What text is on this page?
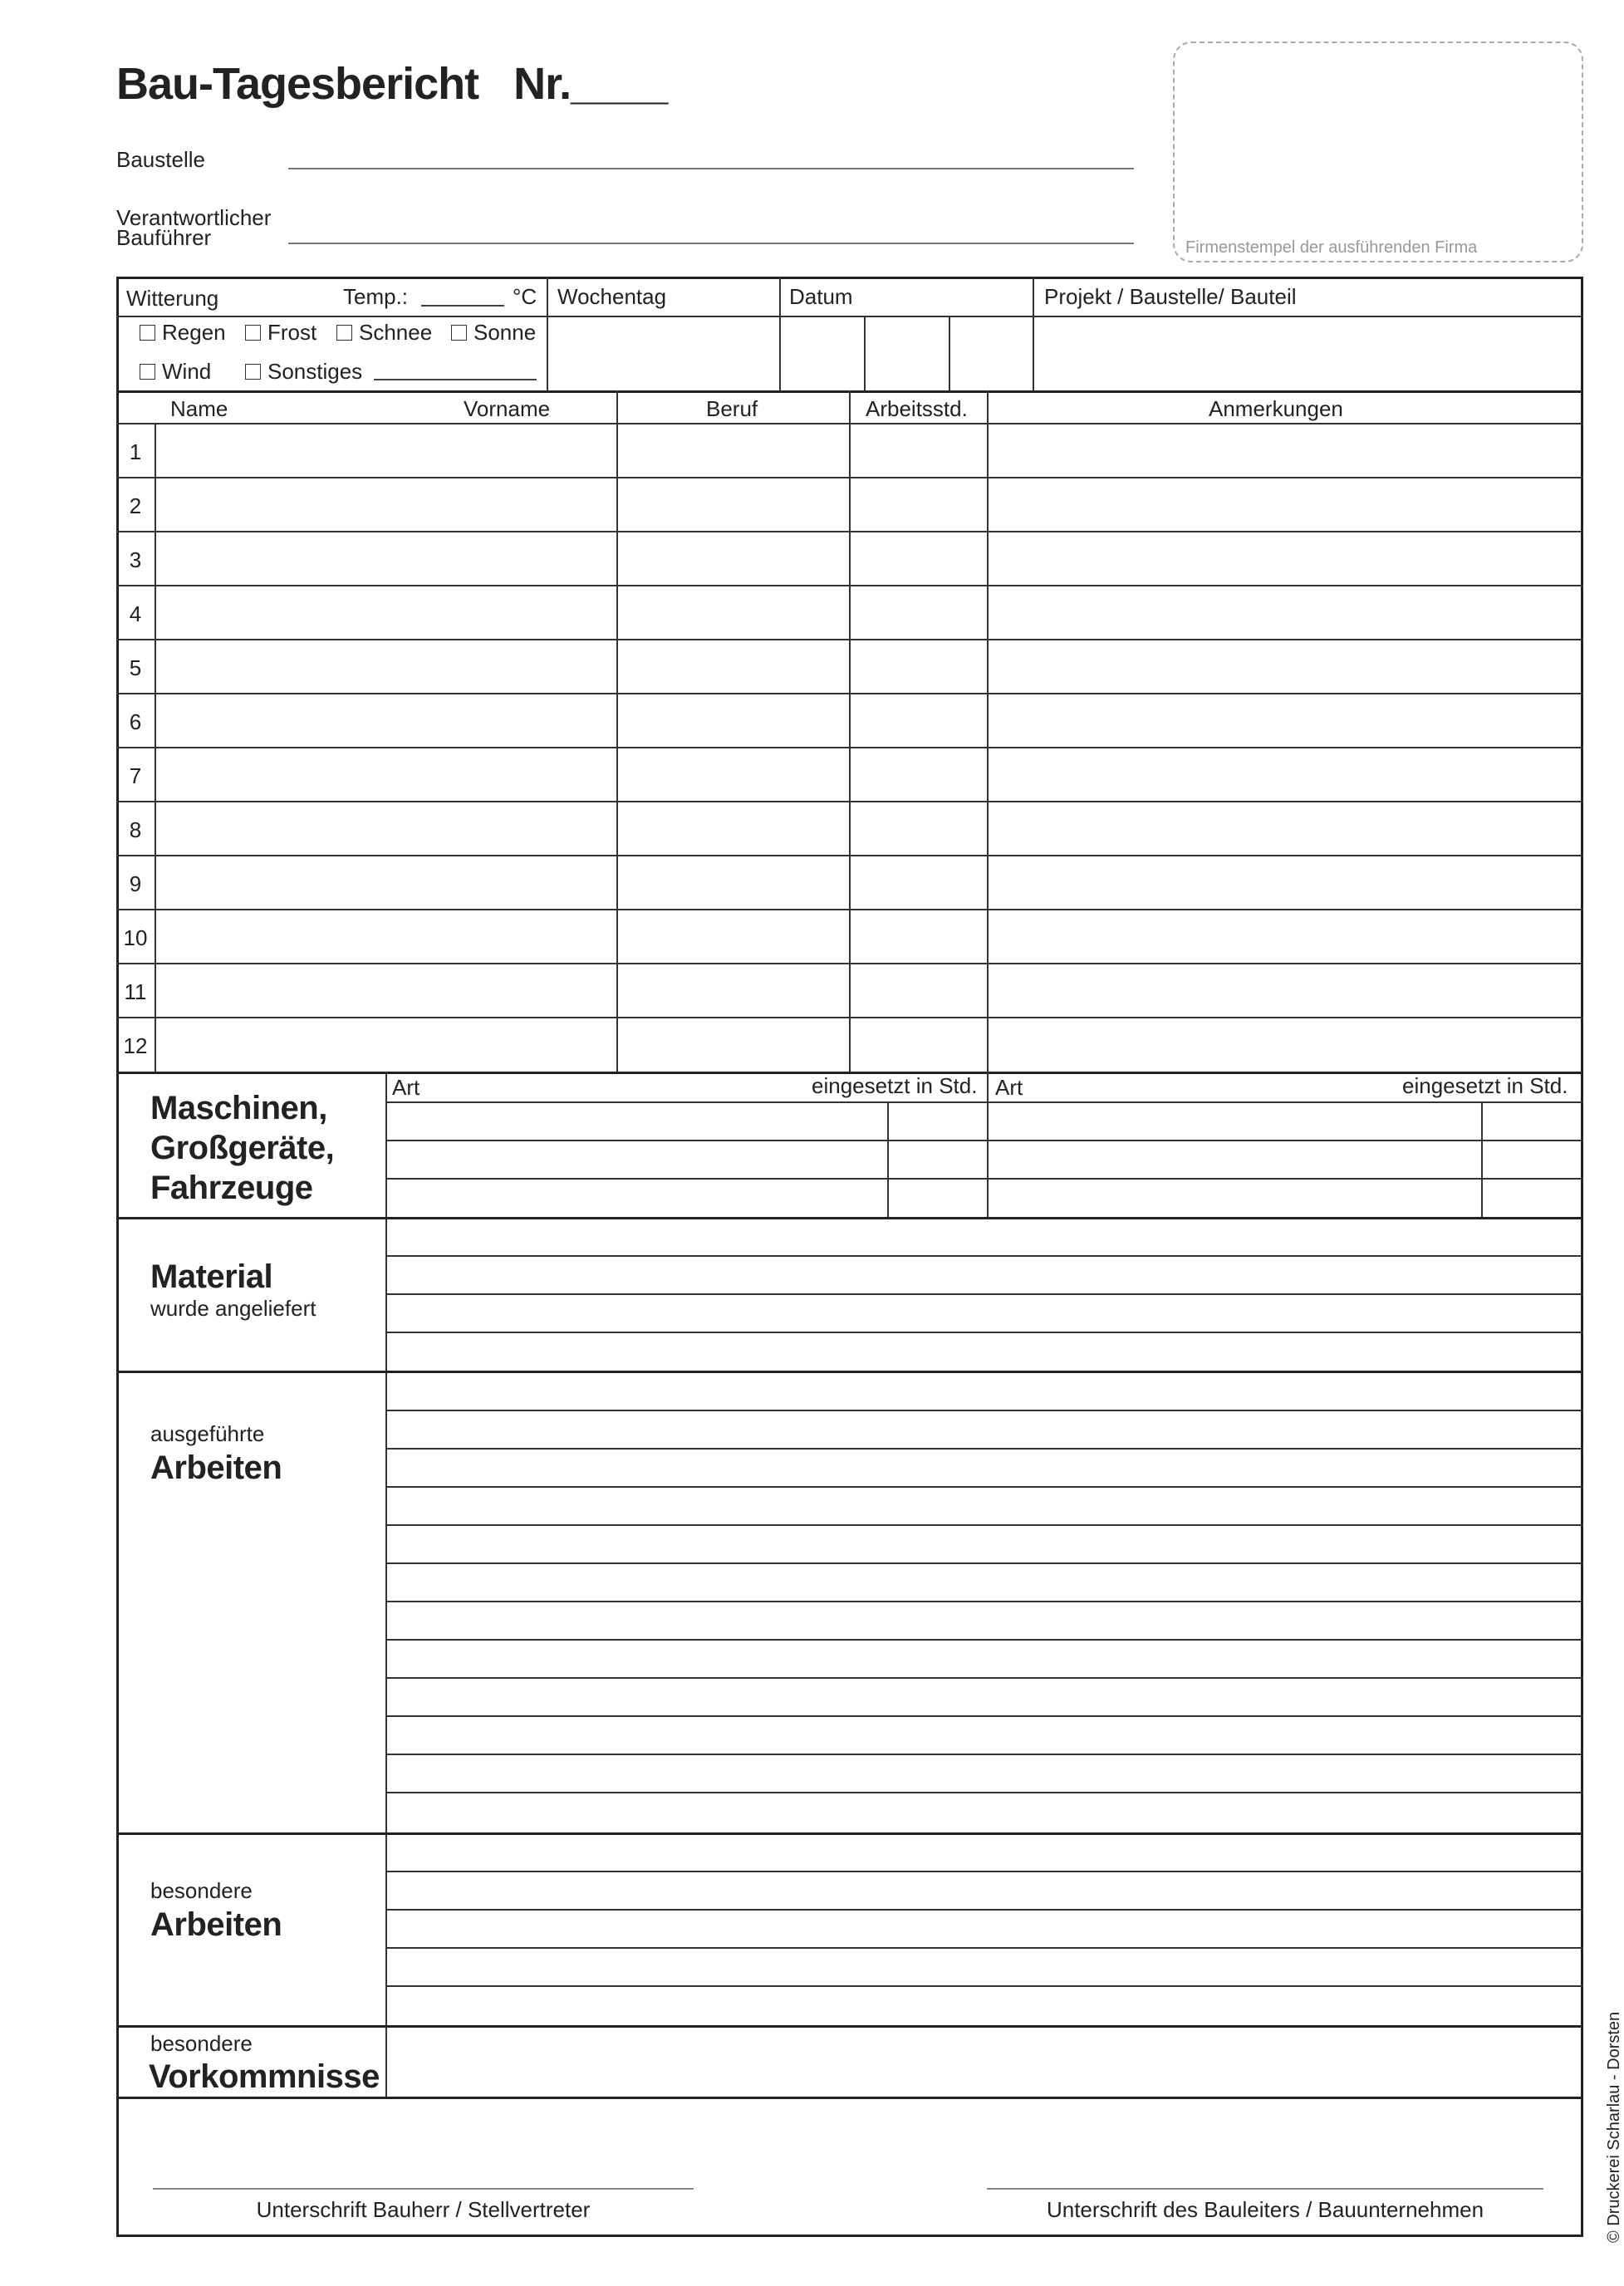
Bau-Tagesbericht   Nr.____
Baustelle
Verantwortlicher
Bauführer	Firmenstempel der ausführenden Firma
Witterung	Temp.:	°C Wochentag	Datum	Projekt / Baustelle/ Bauteil
Regen	Frost	Schnee	Sonne
Wind	Sonstiges
Name	Vorname	Beruf	Arbeitsstd.	Anmerkungen
1
2
3
4
5
6
7
8
9
10
11
12
Maschinen,
Großgeräte,
Fahrzeuge
Art	eingesetzt in Std. Art	eingesetzt in Std.
Material
wurde angeliefert
ausgeführte
Arbeiten
besondere
Arbeiten
besondere
Vorkommnisse
Unterschrift Bauherr / Stellvertreter	Unterschrift des Bauleiters / Bauunternehmen	© Druckerei Scharlau - Dorsten
